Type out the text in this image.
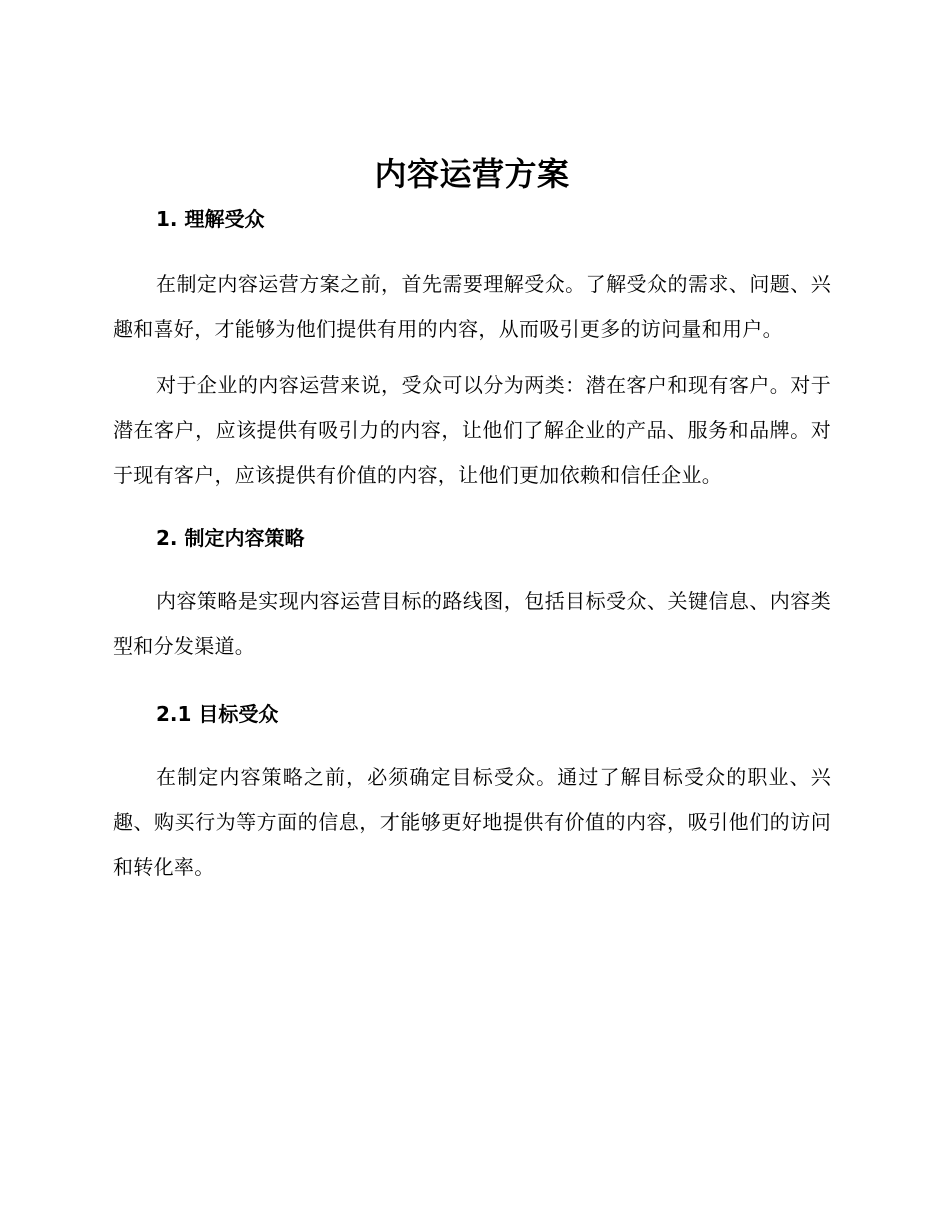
内容运营方案
1. 理解受众

在制定内容运营方案之前，首先需要理解受众。了解受众的需求、问题、兴趣和喜好，才能够为他们提供有用的内容，从而吸引更多的访问量和用户。

对于企业的内容运营来说，受众可以分为两类：潜在客户和现有客户。对于潜在客户，应该提供有吸引力的内容，让他们了解企业的产品、服务和品牌。对于现有客户，应该提供有价值的内容，让他们更加依赖和信任企业。

2. 制定内容策略

内容策略是实现内容运营目标的路线图，包括目标受众、关键信息、内容类型和分发渠道。

2.1 目标受众

在制定内容策略之前，必须确定目标受众。通过了解目标受众的职业、兴趣、购买行为等方面的信息，才能够更好地提供有价值的内容，吸引他们的访问和转化率。
